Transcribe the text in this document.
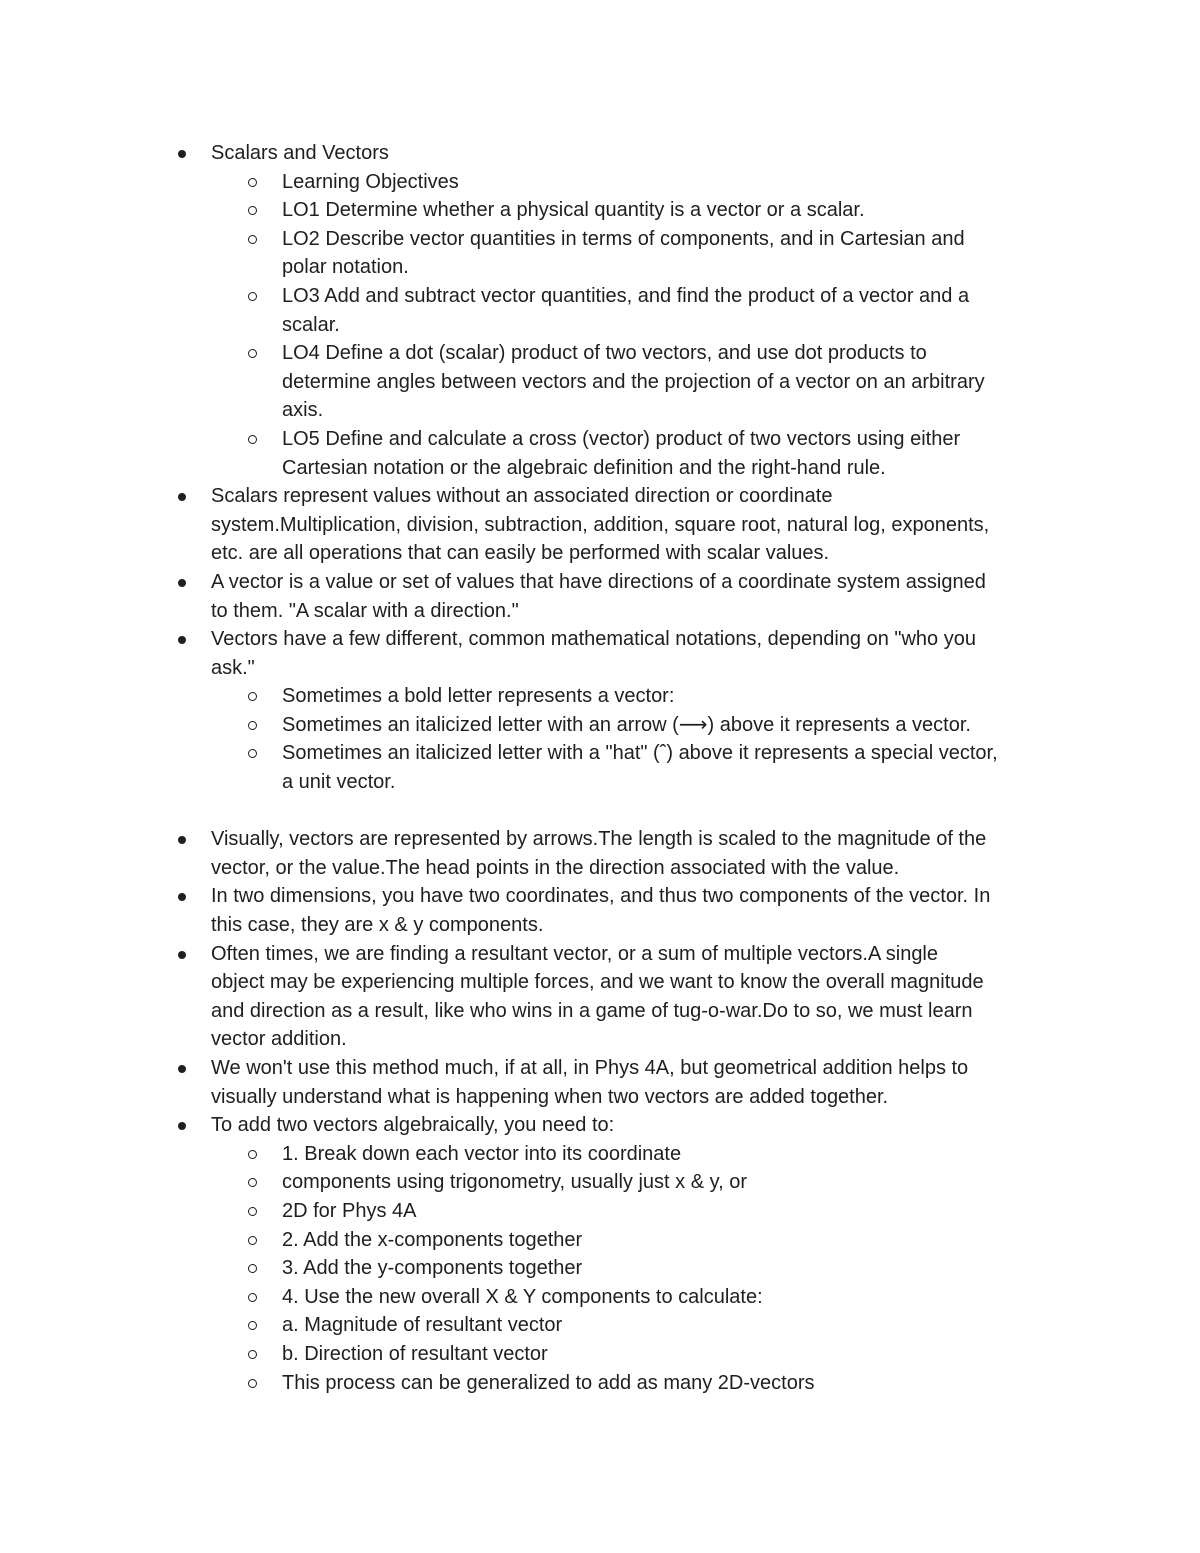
Scalars and Vectors
Learning Objectives
LO1 Determine whether a physical quantity is a vector or a scalar.
LO2 Describe vector quantities in terms of components, and in Cartesian and
polar notation.
LO3 Add and subtract vector quantities, and find the product of a vector and a
scalar.
LO4 Define a dot (scalar) product of two vectors, and use dot products to
determine angles between vectors and the projection of a vector on an arbitrary
axis.
LO5 Define and calculate a cross (vector) product of two vectors using either
Cartesian notation or the algebraic definition and the right-hand rule.
Scalars represent values without an associated direction or coordinate
system.Multiplication, division, subtraction, addition, square root, natural log, exponents,
etc. are all operations that can easily be performed with scalar values.
A vector is a value or set of values that have directions of a coordinate system assigned
to them. "A scalar with a direction."
Vectors have a few different, common mathematical notations, depending on "who you
ask."
Sometimes a bold letter represents a vector:
Sometimes an italicized letter with an arrow (⟶) above it represents a vector.
Sometimes an italicized letter with a "hat" (ˆ) above it represents a special vector,
a unit vector.
Visually, vectors are represented by arrows.The length is scaled to the magnitude of the
vector, or the value.The head points in the direction associated with the value.
In two dimensions, you have two coordinates, and thus two components of the vector. In
this case, they are x & y components.
Often times, we are finding a resultant vector, or a sum of multiple vectors.A single
object may be experiencing multiple forces, and we want to know the overall magnitude
and direction as a result, like who wins in a game of tug-o-war.Do to so, we must learn
vector addition.
We won't use this method much, if at all, in Phys 4A, but geometrical addition helps to
visually understand what is happening when two vectors are added together.
To add two vectors algebraically, you need to:
1. Break down each vector into its coordinate
components using trigonometry, usually just x & y, or
2D for Phys 4A
2. Add the x-components together
3. Add the y-components together
4. Use the new overall X & Y components to calculate:
a. Magnitude of resultant vector
b. Direction of resultant vector
This process can be generalized to add as many 2D-vectors
